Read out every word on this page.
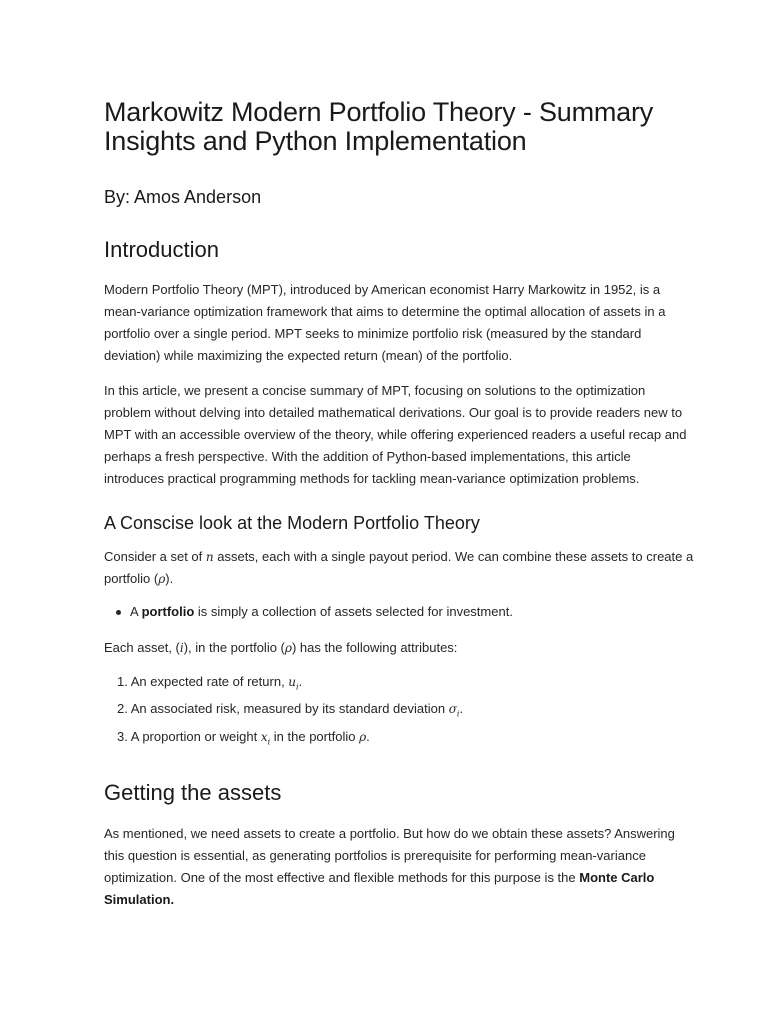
Markowitz Modern Portfolio Theory - Summary Insights and Python Implementation
By: Amos Anderson
Introduction

Modern Portfolio Theory (MPT), introduced by American economist Harry Markowitz in 1952, is a mean-variance optimization framework that aims to determine the optimal allocation of assets in a portfolio over a single period. MPT seeks to minimize portfolio risk (measured by the standard deviation) while maximizing the expected return (mean) of the portfolio.

In this article, we present a concise summary of MPT, focusing on solutions to the optimization problem without delving into detailed mathematical derivations. Our goal is to provide readers new to MPT with an accessible overview of the theory, while offering experienced readers a useful recap and perhaps a fresh perspective. With the addition of Python-based implementations, this article introduces practical programming methods for tackling mean-variance optimization problems.

A Conscise look at the Modern Portfolio Theory

Consider a set of n assets, each with a single payout period. We can combine these assets to create a portfolio (ρ).

A portfolio is simply a collection of assets selected for investment.

Each asset, (i), in the portfolio (ρ) has the following attributes:

1. An expected rate of return, $u_i$.
2. An associated risk, measured by its standard deviation $\sigma_i$.
3. A proportion or weight $x_i$ in the portfolio ρ.
Getting the assets

As mentioned, we need assets to create a portfolio. But how do we obtain these assets? Answering this question is essential, as generating portfolios is prerequisite for performing mean-variance optimization. One of the most effective and flexible methods for this purpose is the Monte Carlo Simulation.
